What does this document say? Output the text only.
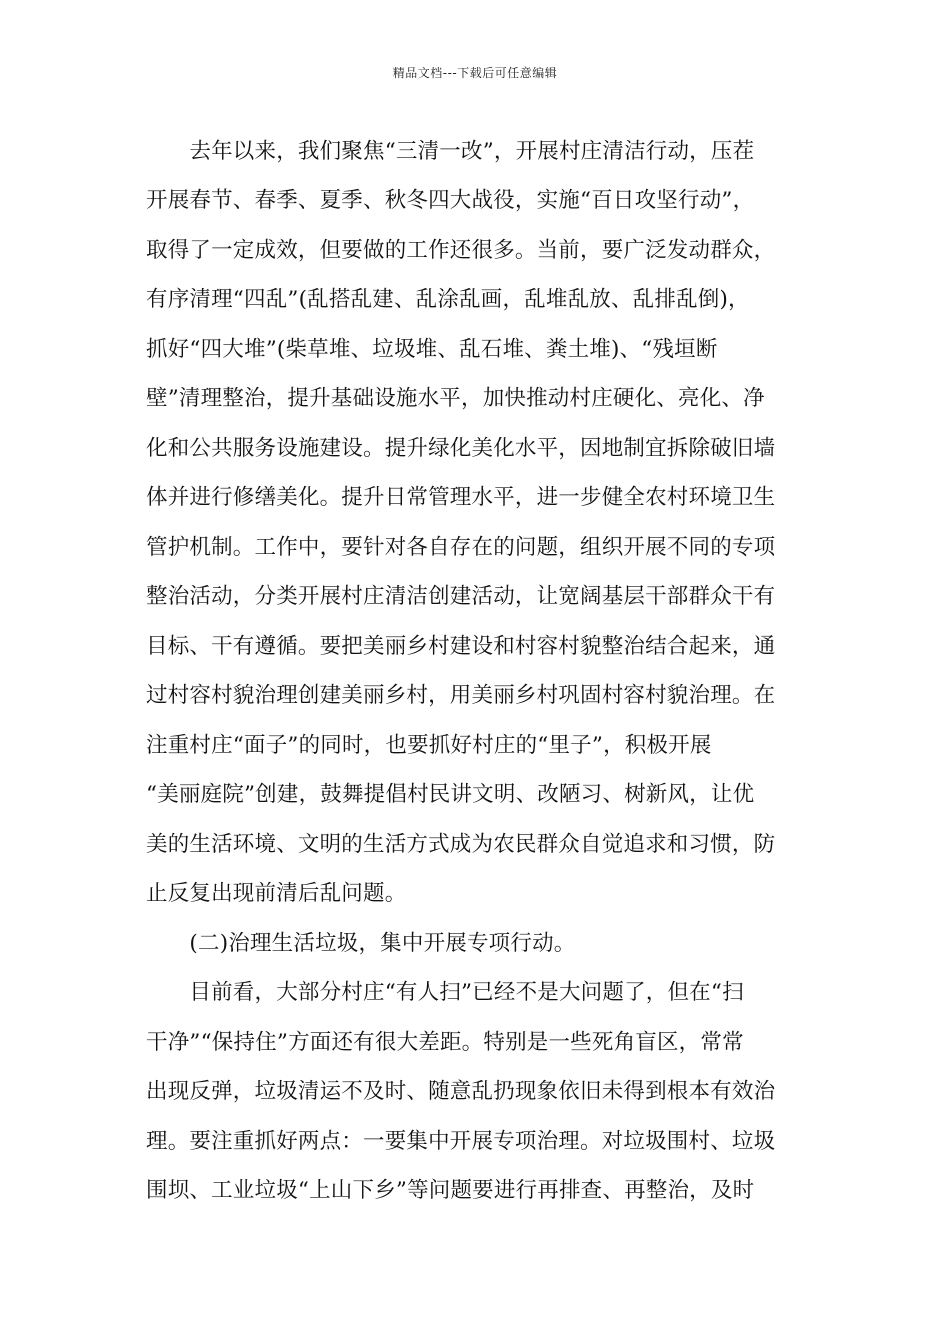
精品文档---下载后可任意编辑
　　去年以来，我们聚焦“三清一改”，开展村庄清洁行动，压茬
开展春节、春季、夏季、秋冬四大战役，实施“百日攻坚行动”，
取得了一定成效，但要做的工作还很多。当前，要广泛发动群众，
有序清理“四乱”(乱搭乱建、乱涂乱画，乱堆乱放、乱排乱倒)，
抓好“四大堆”(柴草堆、垃圾堆、乱石堆、粪土堆)、“残垣断
壁”清理整治，提升基础设施水平，加快推动村庄硬化、亮化、净
化和公共服务设施建设。提升绿化美化水平，因地制宜拆除破旧墙
体并进行修缮美化。提升日常管理水平，进一步健全农村环境卫生
管护机制。工作中，要针对各自存在的问题，组织开展不同的专项
整治活动，分类开展村庄清洁创建活动，让宽阔基层干部群众干有
目标、干有遵循。要把美丽乡村建设和村容村貌整治结合起来，通
过村容村貌治理创建美丽乡村，用美丽乡村巩固村容村貌治理。在
注重村庄“面子”的同时，也要抓好村庄的“里子”，积极开展
“美丽庭院”创建，鼓舞提倡村民讲文明、改陋习、树新风，让优
美的生活环境、文明的生活方式成为农民群众自觉追求和习惯，防
止反复出现前清后乱问题。
　　(二)治理生活垃圾，集中开展专项行动。
　　目前看，大部分村庄“有人扫”已经不是大问题了，但在“扫
干净”“保持住”方面还有很大差距。特别是一些死角盲区，常常
出现反弹，垃圾清运不及时、随意乱扔现象依旧未得到根本有效治
理。要注重抓好两点：一要集中开展专项治理。对垃圾围村、垃圾
围坝、工业垃圾“上山下乡”等问题要进行再排查、再整治，及时
